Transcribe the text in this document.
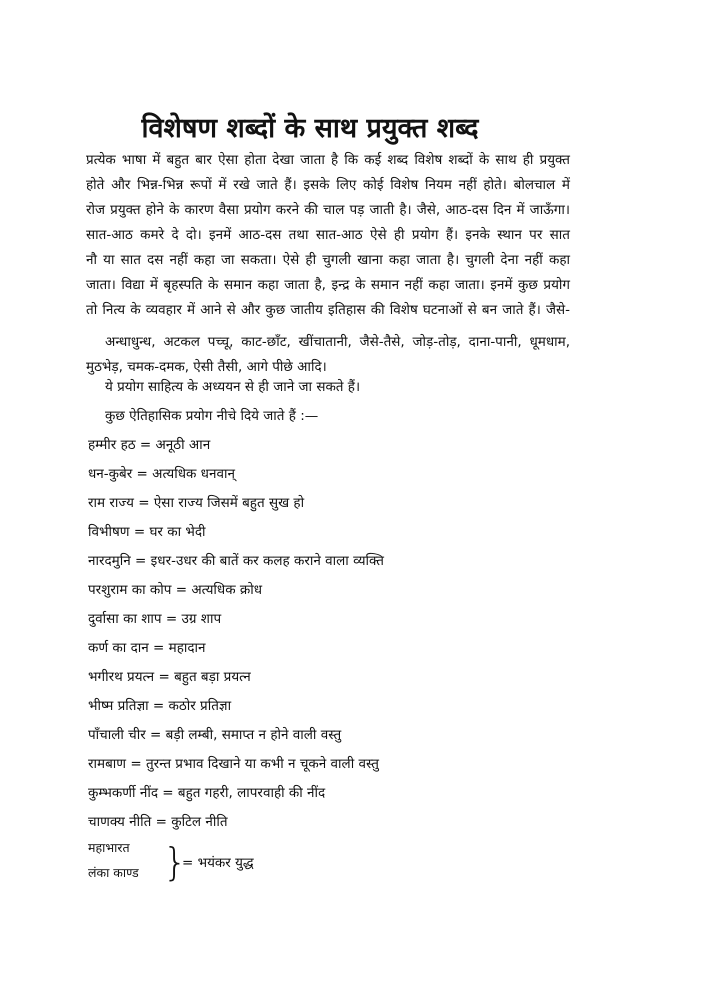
विशेषण शब्दों के साथ प्रयुक्त शब्द
प्रत्येक भाषा में बहुत बार ऐसा होता देखा जाता है कि कई शब्द विशेष शब्दों के साथ ही प्रयुक्त
होते और भिन्न-भिन्न रूपों में रखे जाते हैं। इसके लिए कोई विशेष नियम नहीं होते। बोलचाल में
रोज प्रयुक्त होने के कारण वैसा प्रयोग करने की चाल पड़ जाती है। जैसे, आठ-दस दिन में जाऊँगा।
सात-आठ कमरे दे दो। इनमें आठ-दस तथा सात-आठ ऐसे ही प्रयोग हैं। इनके स्थान पर सात
नौ या सात दस नहीं कहा जा सकता। ऐसे ही चुगली खाना कहा जाता है। चुगली देना नहीं कहा
जाता। विद्या में बृहस्पति के समान कहा जाता है, इन्द्र के समान नहीं कहा जाता। इनमें कुछ प्रयोग
तो नित्य के व्यवहार में आने से और कुछ जातीय इतिहास की विशेष घटनाओं से बन जाते हैं। जैसे-
अन्धाधुन्ध, अटकल पच्चू, काट-छाँट, खींचातानी, जैसे-तैसे, जोड़-तोड़, दाना-पानी, धूमधाम,
मुठभेड़, चमक-दमक, ऐसी तैसी, आगे पीछे आदि।
ये प्रयोग साहित्य के अध्ययन से ही जाने जा सकते हैं।
कुछ ऐतिहासिक प्रयोग नीचे दिये जाते हैं :—
हम्मीर हठ = अनूठी आन
धन-कुबेर = अत्यधिक धनवान्
राम राज्य = ऐसा राज्य जिसमें बहुत सुख हो
विभीषण = घर का भेदी
नारदमुनि = इधर-उधर की बातें कर कलह कराने वाला व्यक्ति
परशुराम का कोप = अत्यधिक क्रोध
दुर्वासा का शाप = उग्र शाप
कर्ण का दान = महादान
भगीरथ प्रयत्न = बहुत बड़ा प्रयत्न
भीष्म प्रतिज्ञा = कठोर प्रतिज्ञा
पाँचाली चीर = बड़ी लम्बी, समाप्त न होने वाली वस्तु
रामबाण = तुरन्त प्रभाव दिखाने या कभी न चूकने वाली वस्तु
कुम्भकर्णी नींद = बहुत गहरी, लापरवाही की नींद
चाणक्य नीति = कुटिल नीति
महाभारत
लंका काण्ड }
= भयंकर युद्ध
